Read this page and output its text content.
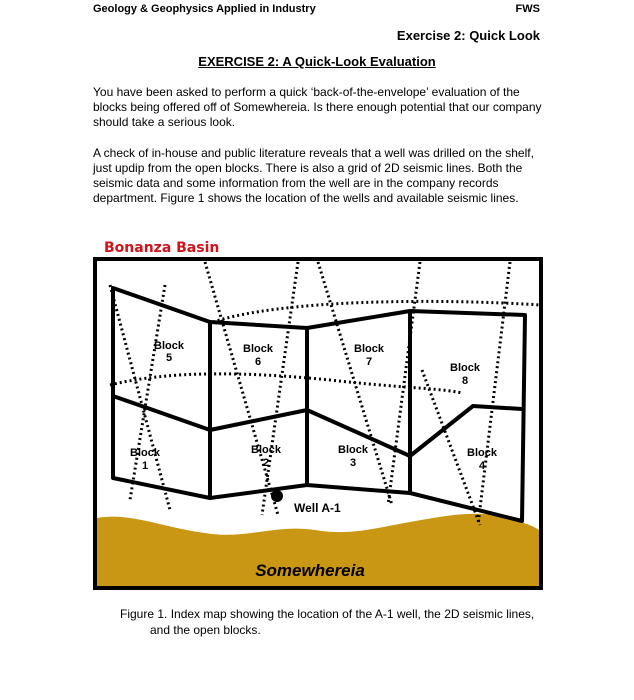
Geology & Geophysics Applied in Industry	FWS
Exercise 2: Quick Look
EXERCISE 2: A Quick-Look Evaluation
You have been asked to perform a quick ‘back-of-the-envelope’ evaluation of the blocks being offered off of Somewhereia. Is there enough potential that our company should take a serious look.
A check of in-house and public literature reveals that a well was drilled on the shelf, just updip from the open blocks. There is also a grid of 2D seismic lines. Both the seismic data and some information from the well are in the company records department. Figure 1 shows the location of the wells and available seismic lines.
Bonanza Basin
Well A-1
Block 5
Block 6
Block 7	Block 8
Block 1
Block 2
Block 3
Block 4
Somewhereia
Figure 1. Index map showing the location of the A-1 well, the 2D seismic lines,
and the open blocks.
